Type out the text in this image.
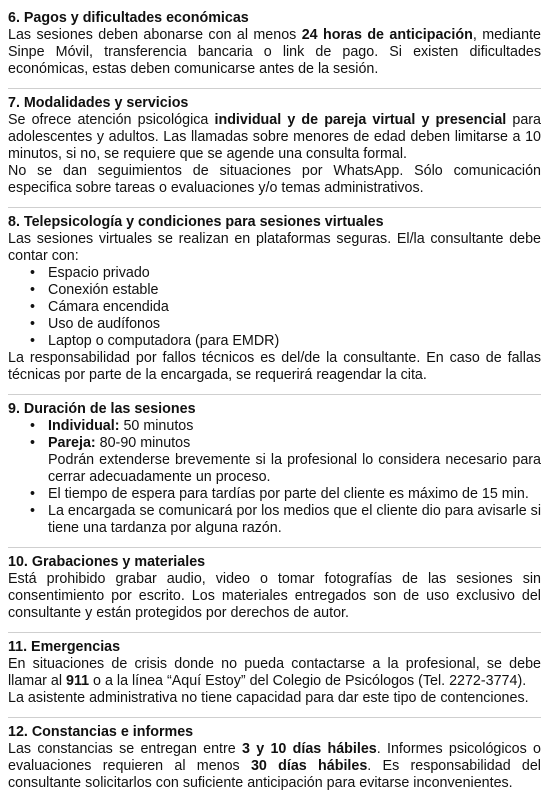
6. Pagos y dificultades económicas

Las sesiones deben abonarse con al menos 24 horas de anticipación, mediante Sinpe Móvil, transferencia bancaria o link de pago. Si existen dificultades económicas, estas deben comunicarse antes de la sesión.

7. Modalidades y servicios

Se ofrece atención psicológica individual y de pareja virtual y presencial para adolescentes y adultos. Las llamadas sobre menores de edad deben limitarse a 10 minutos, si no, se requiere que se agende una consulta formal.

No se dan seguimientos de situaciones por WhatsApp. Sólo comunicación especifica sobre tareas o evaluaciones y/o temas administrativos.

8. Telepsicología y condiciones para sesiones virtuales

Las sesiones virtuales se realizan en plataformas seguras. El/la consultante debe contar con:

• Espacio privado
• Conexión estable
• Cámara encendida
• Uso de audífonos
• Laptop o computadora (para EMDR)

La responsabilidad por fallos técnicos es del/de la consultante. En caso de fallas técnicas por parte de la encargada, se requerirá reagendar la cita.

9. Duración de las sesiones
• Individual: 50 minutos
• Pareja: 80-90 minutos
Podrán extenderse brevemente si la profesional lo considera necesario para cerrar adecuadamente un proceso.
• El tiempo de espera para tardías por parte del cliente es máximo de 15 min.
• La encargada se comunicará por los medios que el cliente dio para avisarle si tiene una tardanza por alguna razón.
10. Grabaciones y materiales

Está prohibido grabar audio, video o tomar fotografías de las sesiones sin consentimiento por escrito. Los materiales entregados son de uso exclusivo del consultante y están protegidos por derechos de autor.

11. Emergencias

En situaciones de crisis donde no pueda contactarse a la profesional, se debe llamar al 911 o a la línea “Aquí Estoy” del Colegio de Psicólogos (Tel. 2272-3774).

La asistente administrativa no tiene capacidad para dar este tipo de contenciones.

12. Constancias e informes

Las constancias se entregan entre 3 y 10 días hábiles. Informes psicológicos o evaluaciones requieren al menos 30 días hábiles. Es responsabilidad del consultante solicitarlos con suficiente anticipación para evitarse inconvenientes.
